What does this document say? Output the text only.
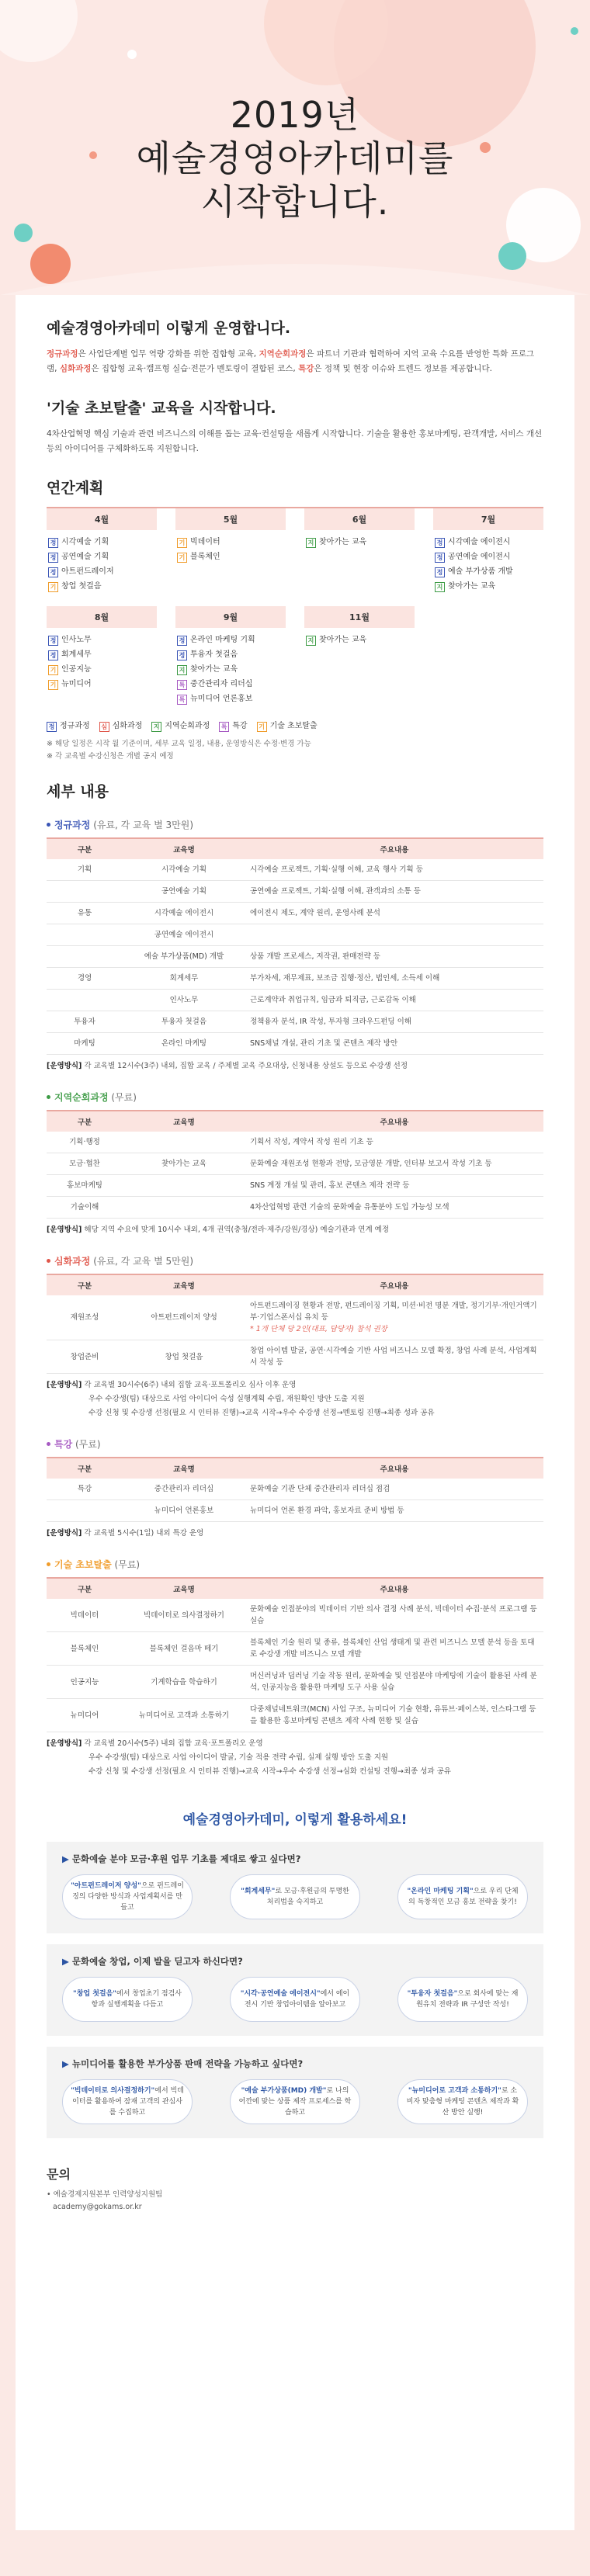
2019년
예술경영아카데미를
시작합니다.
예술경영아카데미 이렇게 운영합니다.

정규과정은 사업단계별 업무 역량 강화를 위한 집합형 교육, 지역순회과정은 파트너 기관과 협력하여 지역 교육 수요를 반영한 특화 프로그램, 심화과정은 집합형 교육·캠프형 실습·전문가 멘토링이 결합된 코스, 특강은 정책 및 현장 이슈와 트렌드 정보를 제공합니다.

'기술 초보탈출' 교육을 시작합니다.

4차산업혁명 핵심 기술과 관련 비즈니스의 이해를 돕는 교육·컨설팅을 새롭게 시작합니다. 기술을 활용한 홍보마케팅, 관객개발, 서비스 개선 등의 아이디어를 구체화하도록 지원합니다.

연간계획
4월
정 시각예술 기획
정 공연예술 기획
정 아트펀드레이저
기 창업 첫걸음
5월
기 빅데이터
기 블록체인
6월
지 찾아가는 교육
7월
정 시각예술 에이전시
정 공연예술 에이전시
정 예술 부가상품 개발
지 찾아가는 교육
8월
정 인사노무
정 회계세무
기 인공지능
기 뉴미디어
9월
정 온라인 마케팅 기획
정 투융자 첫걸음
지 찾아가는 교육
특 중간관리자 리더십
특 뉴미디어 언론홍보
11월
지 찾아가는 교육
정 정규과정 심 심화과정 지 지역순회과정 특 특강 기 기술 초보탈출
※ 해당 일정은 시작 월 기준이며, 세부 교육 일정, 내용, 운영방식은 수정·변경 가능
※ 각 교육별 수강신청은 개별 공지 예정
세부 내용
정규과정 (유료, 각 교육 별 3만원)
구분	교육명	주요내용
기획	시각예술 기획	시각예술 프로젝트, 기획·실행 이해, 교육 행사 기획 등
	공연예술 기획	공연예술 프로젝트, 기획·실행 이해, 관객과의 소통 등
유통	시각예술 에이전시	에이전시 제도, 계약 원리, 운영사례 분석
	공연예술 에이전시	
	예술 부가상품(MD) 개발	상품 개발 프로세스, 저작권, 판매전략 등
경영	회계세무	부가차세, 재무제표, 보조금 집행·정산, 법인세, 소득세 이해
	인사노무	근로계약과 취업규칙, 임금과 퇴직금, 근로감독 이해
투융자	투융자 첫걸음	정책융자 분석, IR 작성, 투자형 크라우드펀딩 이해
마케팅	온라인 마케팅	SNS채널 개설, 관리 기초 및 콘텐츠 제작 방안
[운영방식] 각 교육별 12시수(3주) 내외, 집합 교육 / 주제별 교육 주요대상, 신청내용 상설도 등으로 수강생 선정
지역순회과정 (무료)
구분	교육명	주요내용
기획·행정		기획서 작성, 계약서 작성 원리 기초 등
모금·협찬	찾아가는 교육	문화예술 재원조성 현황과 전망, 모금영분 개발, 인터뷰 보고서 작성 기초 등
홍보마케팅		SNS 계정 개설 및 관리, 홍보 콘텐츠 제작 전략 등
기술이해		4차산업혁명 관련 기술의 문화예술 유통분야 도입 가능성 모색
[운영방식] 해당 지역 수요에 맞게 10시수 내외, 4개 권역(충청/전라·제주/강원/경상) 예술기관과 연계 예정
심화과정 (유료, 각 교육 별 5만원)
구분	교육명	주요내용
재원조성	아트펀드레이저 양성	아트펀드레이징 현황과 전망, 펀드레이징 기획, 미션·비전 명분 개발, 정기기부·개인거액기부·기업스폰서십 유치 등
* 1개 단체 당 2인(대표, 담당자) 참석 권장
창업준비	창업 첫걸음	창업 아이템 발굴, 공연·시각예술 기반 사업 비즈니스 모델 확정, 창업 사례 분석, 사업계획서 작성 등
[운영방식] 각 교육별 30시수(6주) 내외 집합 교육·포트폴리오 심사 이후 운영
우수 수강생(팀) 대상으로 사업 아이디어 숙성 실행계획 수립, 재원확인 방안 도출 지원
수강 신청 및 수강생 선정(필요 시 인터뷰 진행)→교육 시작→우수 수강생 선정→멘토링 진행→최종 성과 공유
특강 (무료)
구분	교육명	주요내용
특강	중간관리자 리더십	문화예술 기관 단체 중간관리자 리더십 점검
	뉴미디어 언론홍보	뉴미디어 언론 환경 파악, 홍보자료 준비 방법 등
[운영방식] 각 교육별 5시수(1일) 내외 특강 운영
기술 초보탈출 (무료)
구분	교육명	주요내용
빅데이터	빅데이터로 의사결정하기	문화예술 인접분야의 빅데이터 기반 의사 결정 사례 분석, 빅데이터 수집·분석 프로그램 등 실습
블록체인	블록체인 걸음마 떼기	블록체인 기술 원리 및 종류, 블록체인 산업 생태계 및 관련 비즈니스 모델 분석 등을 토대로 수강생 개발 비즈니스 모델 개발
인공지능	기계학습을 학습하기	머신러닝과 딥러닝 기술 작동 원리, 문화예술 및 인접분야 마케팅에 기술이 활용된 사례 분석, 인공지능을 활용한 마케팅 도구 사용 실습
뉴미디어	뉴미디어로 고객과 소통하기	다중채널네트워크(MCN) 사업 구조, 뉴미디어 기술 현황, 유튜브·페이스북, 인스타그램 등을 활용한 홍보마케팅 콘텐츠 제작 사례 현황 및 실습
[운영방식] 각 교육별 20시수(5주) 내외 집합 교육·포트폴리오 운영
우수 수강생(팀) 대상으로 사업 아이디어 발굴, 기술 적용 전략 수립, 실제 실행 방안 도출 지원
수강 신청 및 수강생 선정(필요 시 인터뷰 진행)→교육 시작→우수 수강생 선정→심화 컨설팅 진행→최종 성과 공유
예술경영아카데미, 이렇게 활용하세요!
▶ 문화예술 분야 모금·후원 업무 기초를 제대로 쌓고 싶다면?
"아트펀드레이저 양성"으로 펀드레이징의 다양한 방식과 사업계획서를 만들고
"회계세무"로 모금·후원금의 투명한 처리법을 숙지하고
"온라인 마케팅 기획"으로 우리 단체의 독창적인 모금 홍보 전략을 찾기!
▶ 문화예술 창업, 이제 발을 딛고자 하신다면?
"창업 첫걸음"에서 창업초기 점검사항과 실행계획을 다듬고
"시각·공연예술 에이전시"에서 에이전시 기반 창업아이템을 알아보고
"투융자 첫걸음"으로 회사에 맞는 재원유치 전략과 IR 구성안 작성!
▶ 뉴미디어를 활용한 부가상품 판매 전략을 가능하고 싶다면?
"빅데이터로 의사결정하기"에서 빅데이터를 활용하여 잠재 고객의 관심사를 수집하고
"예술 부가상품(MD) 개발"로 나의 어깐에 맞는 상품 제작 프로세스를 학습하고
"뉴미디어로 고객과 소통하기"로 소비자 맞춤형 마케팅 콘텐츠 제작과 확산 방안 실행!
문의
• 예술경제지원본부 인력양성지원팀
academy@gokams.or.kr
